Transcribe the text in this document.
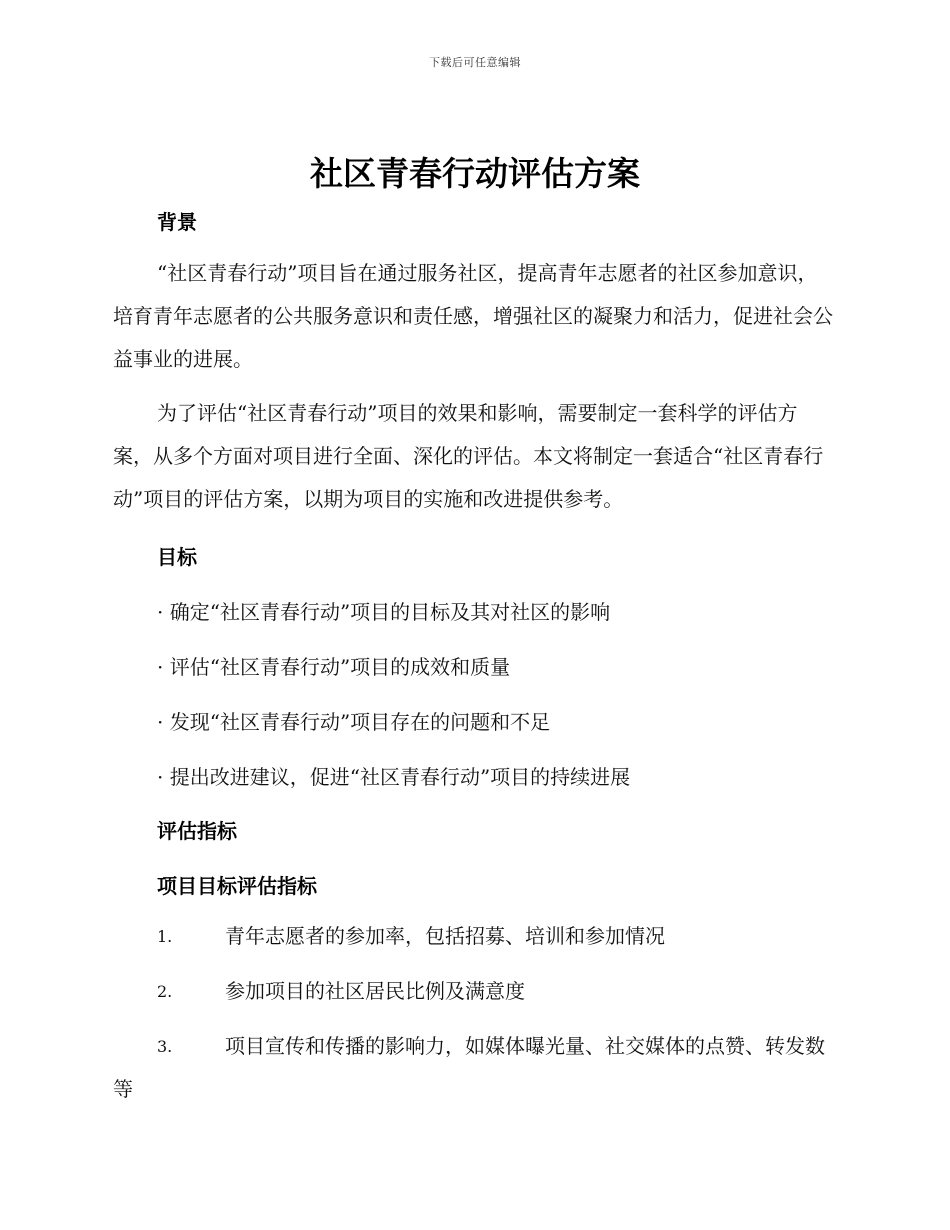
下载后可任意编辑
社区青春行动评估方案
背景

“社区青春行动”项目旨在通过服务社区，提高青年志愿者的社区参加意识，培育青年志愿者的公共服务意识和责任感，增强社区的凝聚力和活力，促进社会公益事业的进展。

为了评估“社区青春行动”项目的效果和影响，需要制定一套科学的评估方案，从多个方面对项目进行全面、深化的评估。本文将制定一套适合“社区青春行动”项目的评估方案，以期为项目的实施和改进提供参考。

目标
· 确定“社区青春行动”项目的目标及其对社区的影响
· 评估“社区青春行动”项目的成效和质量
· 发现“社区青春行动”项目存在的问题和不足
· 提出改进建议，促进“社区青春行动”项目的持续进展
评估指标
项目目标评估指标
1.	青年志愿者的参加率，包括招募、培训和参加情况
2.	参加项目的社区居民比例及满意度
3.	项目宣传和传播的影响力，如媒体曝光量、社交媒体的点赞、转发数等
